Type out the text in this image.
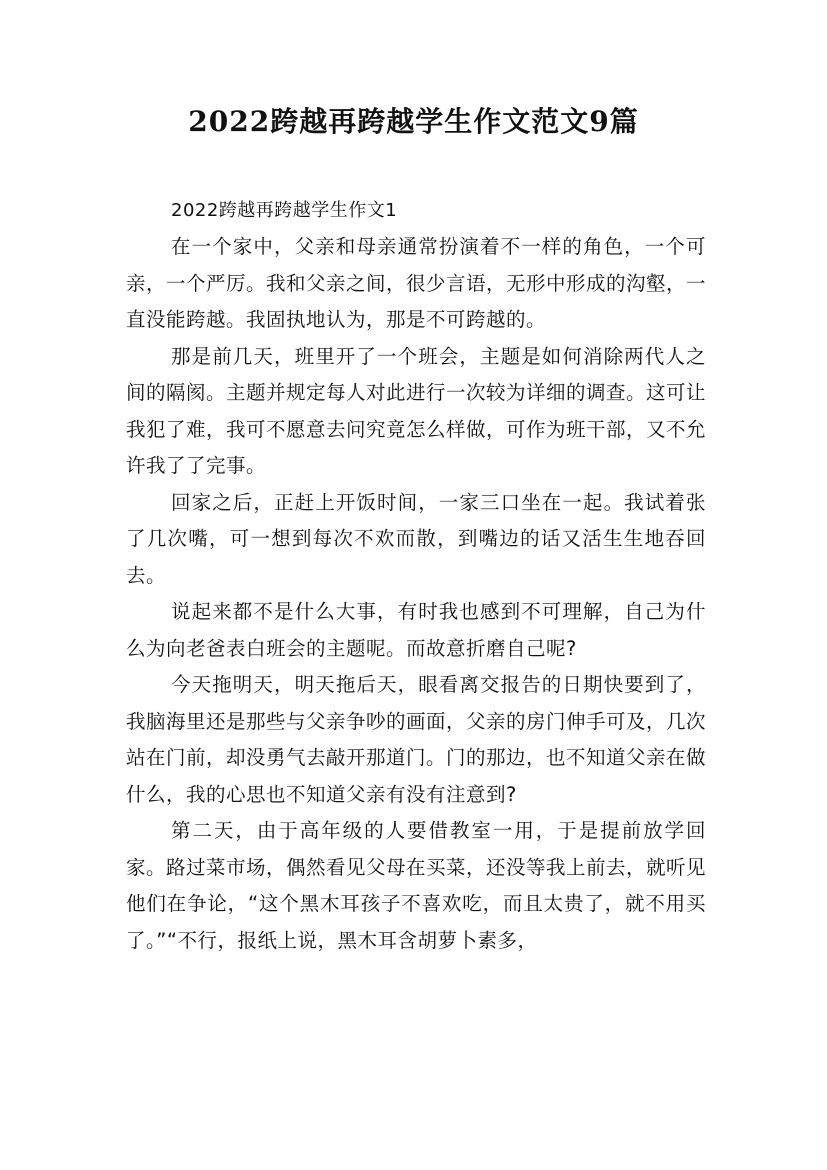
2022跨越再跨越学生作文范文9篇

2022跨越再跨越学生作文1

在一个家中，父亲和母亲通常扮演着不一样的角色，一个可亲，一个严厉。我和父亲之间，很少言语，无形中形成的沟壑，一直没能跨越。我固执地认为，那是不可跨越的。

那是前几天，班里开了一个班会，主题是如何消除两代人之间的隔阂。主题并规定每人对此进行一次较为详细的调查。这可让我犯了难，我可不愿意去问究竟怎么样做，可作为班干部，又不允许我了了完事。

回家之后，正赶上开饭时间，一家三口坐在一起。我试着张了几次嘴，可一想到每次不欢而散，到嘴边的话又活生生地吞回去。

说起来都不是什么大事，有时我也感到不可理解，自己为什么为向老爸表白班会的主题呢。而故意折磨自己呢?

今天拖明天，明天拖后天，眼看离交报告的日期快要到了，我脑海里还是那些与父亲争吵的画面，父亲的房门伸手可及，几次站在门前，却没勇气去敲开那道门。门的那边，也不知道父亲在做什么，我的心思也不知道父亲有没有注意到?

第二天，由于高年级的人要借教室一用，于是提前放学回家。路过菜市场，偶然看见父母在买菜，还没等我上前去，就听见他们在争论，“这个黑木耳孩子不喜欢吃，而且太贵了，就不用买了。”“不行，报纸上说，黑木耳含胡萝卜素多，
